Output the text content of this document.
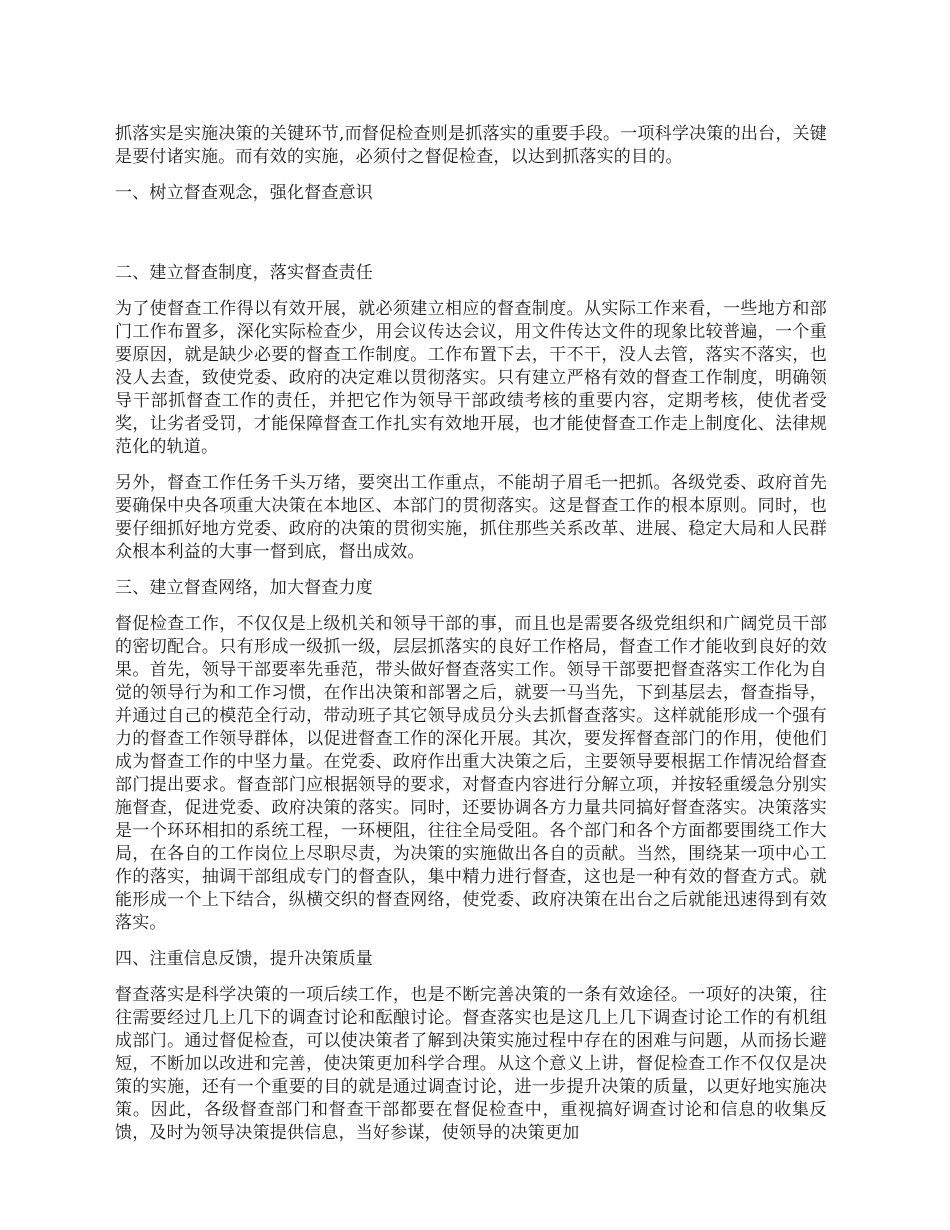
抓落实是实施决策的关键环节,而督促检查则是抓落实的重要手段。一项科学决策的出台，关键是要付诸实施。而有效的实施，必须付之督促检查，以达到抓落实的目的。

一、树立督查观念，强化督查意识

二、建立督查制度，落实督查责任

为了使督查工作得以有效开展，就必须建立相应的督查制度。从实际工作来看，一些地方和部门工作布置多，深化实际检查少，用会议传达会议，用文件传达文件的现象比较普遍，一个重要原因，就是缺少必要的督查工作制度。工作布置下去，干不干，没人去管，落实不落实，也没人去查，致使党委、政府的决定难以贯彻落实。只有建立严格有效的督查工作制度，明确领导干部抓督查工作的责任，并把它作为领导干部政绩考核的重要内容，定期考核，使优者受奖，让劣者受罚，才能保障督查工作扎实有效地开展，也才能使督查工作走上制度化、法律规范化的轨道。

另外，督查工作任务千头万绪，要突出工作重点，不能胡子眉毛一把抓。各级党委、政府首先要确保中央各项重大决策在本地区、本部门的贯彻落实。这是督查工作的根本原则。同时，也要仔细抓好地方党委、政府的决策的贯彻实施，抓住那些关系改革、进展、稳定大局和人民群众根本利益的大事一督到底，督出成效。

三、建立督查网络，加大督查力度

督促检查工作，不仅仅是上级机关和领导干部的事，而且也是需要各级党组织和广阔党员干部的密切配合。只有形成一级抓一级，层层抓落实的良好工作格局，督查工作才能收到良好的效果。首先，领导干部要率先垂范，带头做好督查落实工作。领导干部要把督查落实工作化为自觉的领导行为和工作习惯，在作出决策和部署之后，就要一马当先，下到基层去，督查指导，并通过自己的模范全行动，带动班子其它领导成员分头去抓督查落实。这样就能形成一个强有力的督查工作领导群体，以促进督查工作的深化开展。其次，要发挥督查部门的作用，使他们成为督查工作的中坚力量。在党委、政府作出重大决策之后，主要领导要根据工作情况给督查部门提出要求。督查部门应根据领导的要求，对督查内容进行分解立项，并按轻重缓急分别实施督查，促进党委、政府决策的落实。同时，还要协调各方力量共同搞好督查落实。决策落实是一个环环相扣的系统工程，一环梗阻，往往全局受阻。各个部门和各个方面都要围绕工作大局，在各自的工作岗位上尽职尽责，为决策的实施做出各自的贡献。当然，围绕某一项中心工作的落实，抽调干部组成专门的督查队，集中精力进行督查，这也是一种有效的督查方式。就能形成一个上下结合，纵横交织的督查网络，使党委、政府决策在出台之后就能迅速得到有效落实。

四、注重信息反馈，提升决策质量

督查落实是科学决策的一项后续工作，也是不断完善决策的一条有效途径。一项好的决策，往往需要经过几上几下的调查讨论和酝酿讨论。督查落实也是这几上几下调查讨论工作的有机组成部门。通过督促检查，可以使决策者了解到决策实施过程中存在的困难与问题，从而扬长避短，不断加以改进和完善，使决策更加科学合理。从这个意义上讲，督促检查工作不仅仅是决策的实施，还有一个重要的目的就是通过调查讨论，进一步提升决策的质量，以更好地实施决策。因此，各级督查部门和督查干部都要在督促检查中，重视搞好调查讨论和信息的收集反馈，及时为领导决策提供信息，当好参谋，使领导的决策更加
